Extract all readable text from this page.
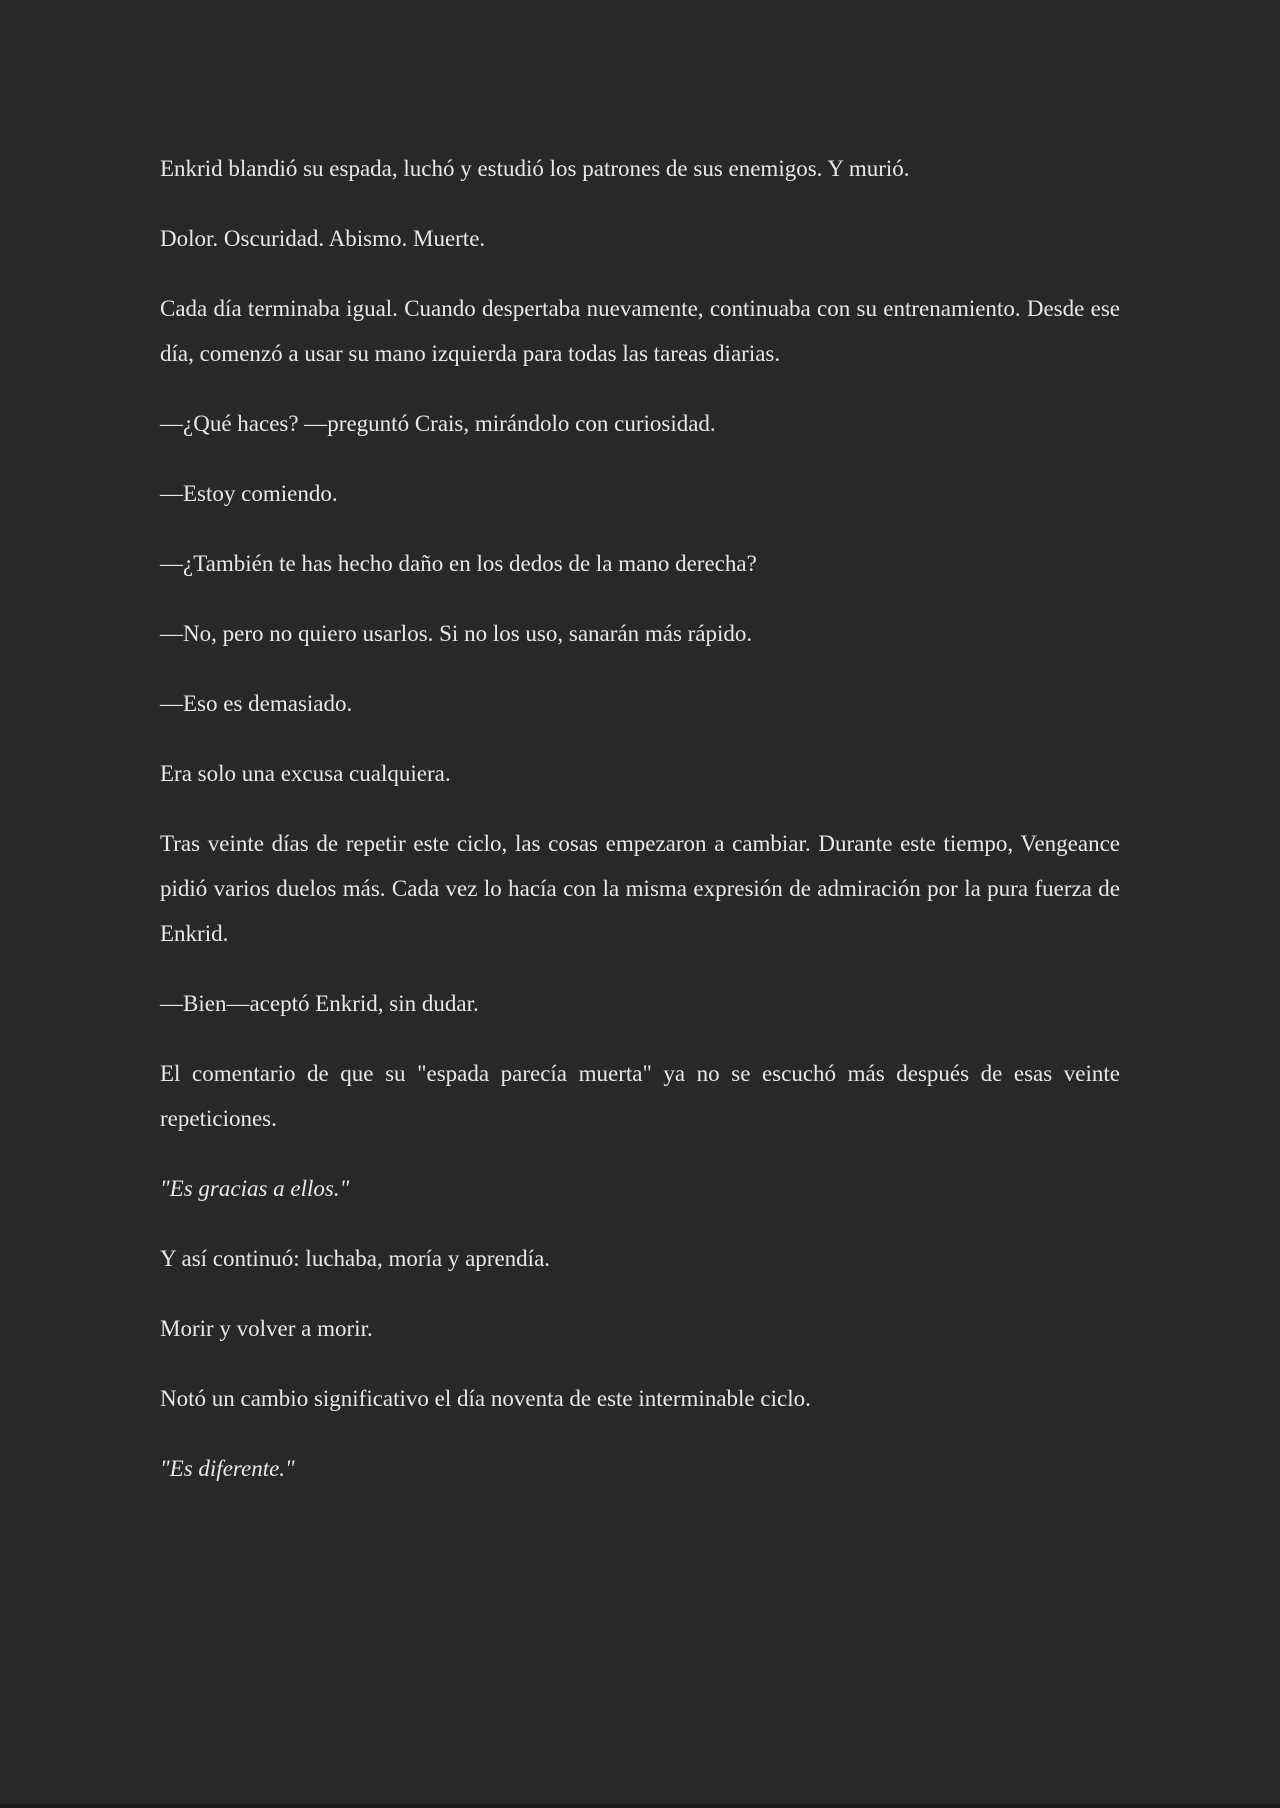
Enkrid blandió su espada, luchó y estudió los patrones de sus enemigos. Y murió.

Dolor. Oscuridad. Abismo. Muerte.

Cada día terminaba igual. Cuando despertaba nuevamente, continuaba con su entrenamiento. Desde ese día, comenzó a usar su mano izquierda para todas las tareas diarias.

—¿Qué haces? —preguntó Crais, mirándolo con curiosidad.

—Estoy comiendo.

—¿También te has hecho daño en los dedos de la mano derecha?

—No, pero no quiero usarlos. Si no los uso, sanarán más rápido.

—Eso es demasiado.

Era solo una excusa cualquiera.

Tras veinte días de repetir este ciclo, las cosas empezaron a cambiar. Durante este tiempo, Vengeance pidió varios duelos más. Cada vez lo hacía con la misma expresión de admiración por la pura fuerza de Enkrid.

—Bien—aceptó Enkrid, sin dudar.

El comentario de que su "espada parecía muerta" ya no se escuchó más después de esas veinte repeticiones.

"Es gracias a ellos."

Y así continuó: luchaba, moría y aprendía.

Morir y volver a morir.

Notó un cambio significativo el día noventa de este interminable ciclo.

"Es diferente."
